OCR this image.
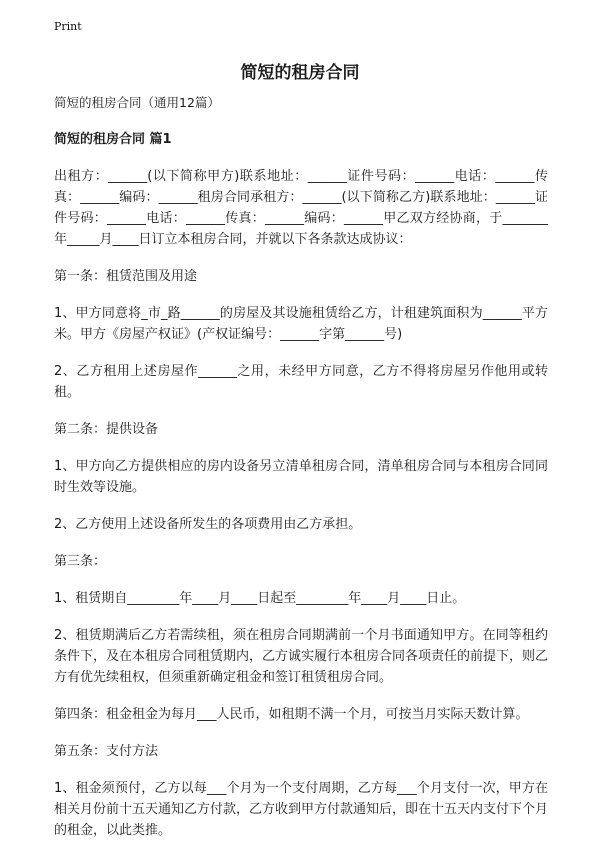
Print
简短的租房合同

简短的租房合同（通用12篇）

简短的租房合同 篇1

出租方：______(以下简称甲方)联系地址：______证件号码：______电话：______传真：______编码：______租房合同承租方：______(以下简称乙方)联系地址：______证件号码：______电话：______传真：______编码：______甲乙双方经协商，于_______年_____月____日订立本租房合同，并就以下各条款达成协议：

第一条：租赁范围及用途

1、甲方同意将_市_路______的房屋及其设施租赁给乙方，计租建筑面积为______平方米。甲方《房屋产权证》(产权证编号：______字第______号)

2、乙方租用上述房屋作______之用，未经甲方同意，乙方不得将房屋另作他用或转租。

第二条：提供设备

1、甲方向乙方提供相应的房内设备另立清单租房合同，清单租房合同与本租房合同同时生效等设施。

2、乙方使用上述设备所发生的各项费用由乙方承担。

第三条：

1、租赁期自________年____月____日起至________年____月____日止。

2、租赁期满后乙方若需续租，须在租房合同期满前一个月书面通知甲方。在同等租约条件下，及在本租房合同租赁期内，乙方诚实履行本租房合同各项责任的前提下，则乙方有优先续租权，但须重新确定租金和签订租赁租房合同。

第四条：租金租金为每月___人民币，如租期不满一个月，可按当月实际天数计算。

第五条：支付方法

1、租金须预付，乙方以每___个月为一个支付周期，乙方每___个月支付一次，甲方在相关月份前十五天通知乙方付款，乙方收到甲方付款通知后，即在十五天内支付下个月的租金，以此类推。
